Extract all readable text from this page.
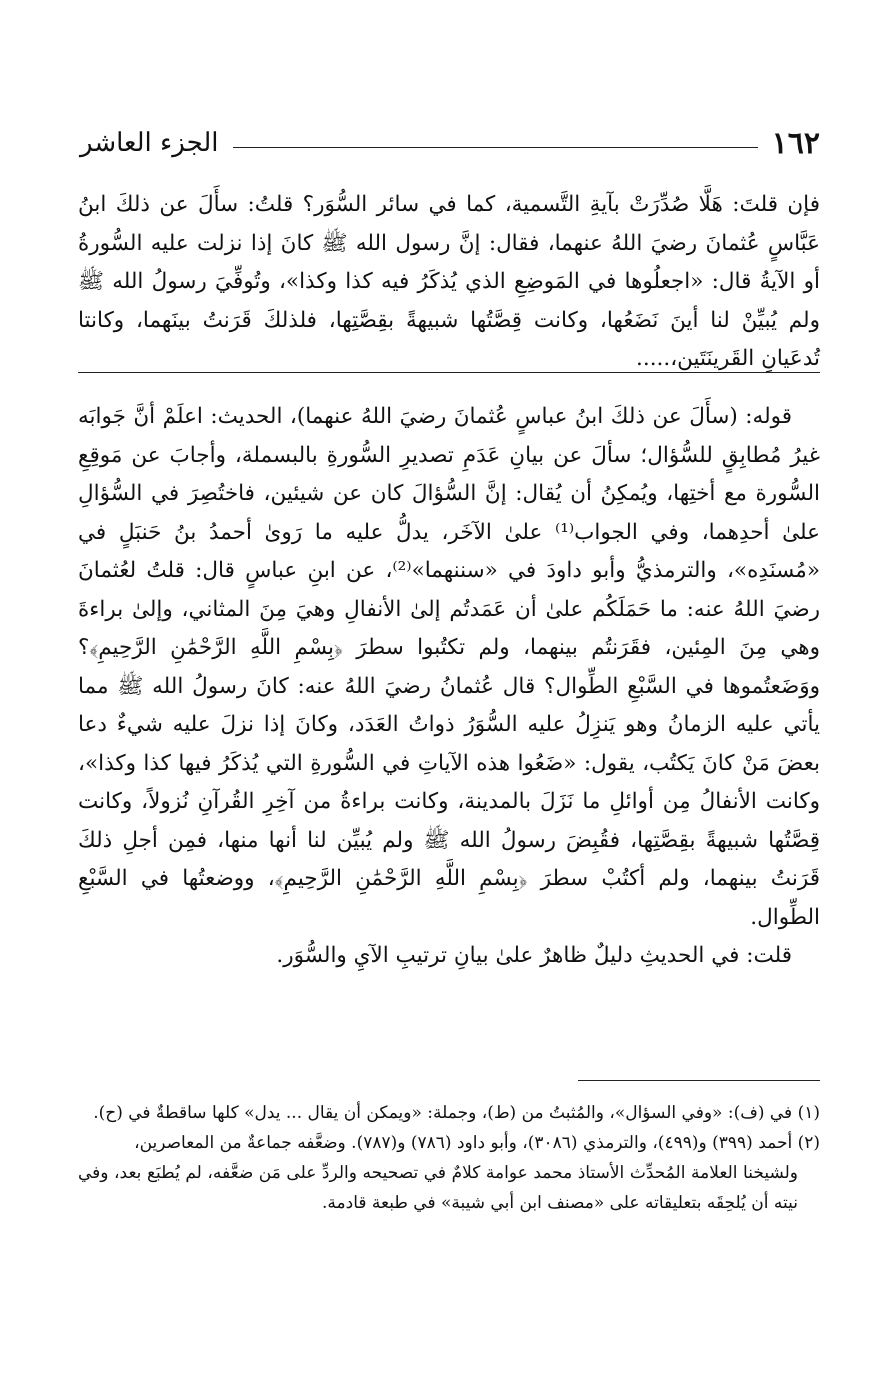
الجزء العاشر	١٦٢

فإن قلتَ: هَلَّا صُدِّرَتْ بآيةِ التَّسمية، كما في سائر السُّوَر؟ قلتُ: سأَلَ عن ذلكَ ابنُ عَبَّاسٍ عُثمانَ رضيَ اللهُ عنهما، فقال: إنَّ رسول الله ﷺ كانَ إذا نزلت عليه السُّورةُ أو الآيةُ قال: «اجعلُوها في المَوضِعِ الذي يُذكَرُ فيه كذا وكذا»، وتُوفِّيَ رسولُ الله ﷺ ولم يُبيِّنْ لنا أينَ نَضَعُها، وكانت قِصَّتُها شبيهةً بقِصَّتِها، فلذلكَ قَرَنتُ بينَهما، وكانتا تُدعَيانِ القَرينَتَين،.....

قوله: (سأَلَ عن ذلكَ ابنُ عباسٍ عُثمانَ رضيَ اللهُ عنهما)، الحديث: اعلَمْ أنَّ جَوابَه غيرُ مُطابِقٍ للسُّؤال؛ سألَ عن بيانِ عَدَمِ تصديرِ السُّورةِ بالبسملة، وأجابَ عن مَوقِعِ السُّورة مع أختِها، ويُمكِنُ أن يُقال: إنَّ السُّؤالَ كان عن شيئين، فاختُصِرَ في السُّؤالِ علىٰ أحدِهما، وفي الجواب⁽¹⁾ علىٰ الآخَر، يدلُّ عليه ما رَوىٰ أحمدُ بنُ حَنبَلٍ في «مُسنَدِه»، والترمذيُّ وأبو داودَ في «سننهما»⁽²⁾، عن ابنِ عباسٍ قال: قلتُ لعُثمانَ رضيَ اللهُ عنه: ما حَمَلَكُم علىٰ أن عَمَدتُم إلىٰ الأنفالِ وهيَ مِنَ المثاني، وإلىٰ براءةَ وهي مِنَ المِئين، فقَرَنتُم بينهما، ولم تكتُبوا سطرَ ﴿بِسْمِ اللَّهِ الرَّحْمَٰنِ الرَّحِيمِ﴾؟ ووَضَعتُموها في السَّبْعِ الطِّوال؟ قال عُثمانُ رضيَ اللهُ عنه: كانَ رسولُ الله ﷺ مما يأتي عليه الزمانُ وهو يَنزِلُ عليه السُّوَرُ ذواتُ العَدَد، وكانَ إذا نزلَ عليه شيءٌ دعا بعضَ مَنْ كانَ يَكتُب، يقول: «ضَعُوا هذه الآياتِ في السُّورةِ التي يُذكَرُ فيها كذا وكذا»، وكانت الأنفالُ مِن أوائلِ ما نَزَلَ بالمدينة، وكانت براءةُ من آخِرِ القُرآنِ نُزولاً، وكانت قِصَّتُها شبيهةً بقِصَّتِها، فقُبِضَ رسولُ الله ﷺ ولم يُبيِّن لنا أنها منها، فمِن أجلِ ذلكَ قَرَنتُ بينهما، ولم أكتُبْ سطرَ ﴿بِسْمِ اللَّهِ الرَّحْمَٰنِ الرَّحِيمِ﴾، ووضعتُها في السَّبْعِ الطِّوال.

قلت: في الحديثِ دليلٌ ظاهرٌ علىٰ بيانِ ترتيبِ الآيِ والسُّوَر.

(١) في (ف): «وفي السؤال»، والمُثبتُ من (ط)، وجملة: «ويمكن أن يقال ... يدل» كلها ساقطةٌ في (ح).

(٢) أحمد (٣٩٩) و(٤٩٩)، والترمذي (٣٠٨٦)، وأبو داود (٧٨٦) و(٧٨٧). وضعَّفه جماعةٌ من المعاصرين،

ولشيخنا العلامة المُحدِّث الأستاذ محمد عوامة كلامٌ في تصحيحه والردِّ على مَن ضعَّفه، لم يُطبَع بعد، وفي نيته أن يُلحِقَه بتعليقاته على «مصنف ابن أبي شيبة» في طبعة قادمة.
